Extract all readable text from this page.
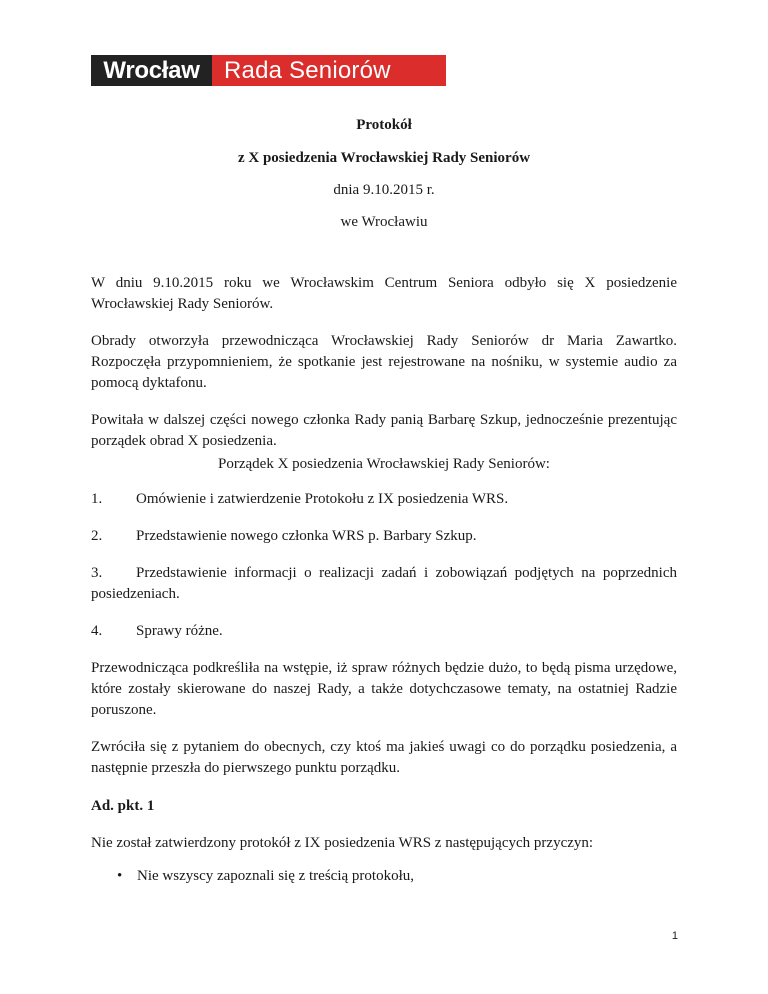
Wrocław	Rada Seniorów
Protokół
z X posiedzenia Wrocławskiej Rady Seniorów
dnia 9.10.2015 r.
we Wrocławiu

W dniu 9.10.2015 roku we Wrocławskim Centrum Seniora odbyło się X posiedzenie Wrocławskiej Rady Seniorów.

Obrady otworzyła przewodnicząca Wrocławskiej Rady Seniorów dr Maria Zawartko. Rozpoczęła przypomnieniem, że spotkanie jest rejestrowane na nośniku, w systemie audio za pomocą dyktafonu.

Powitała w dalszej części nowego członka Rady panią Barbarę Szkup, jednocześnie prezentując porządek obrad X posiedzenia.

Porządek X posiedzenia Wrocławskiej Rady Seniorów:
1. Omówienie i zatwierdzenie Protokołu z IX posiedzenia WRS.
2. Przedstawienie nowego członka WRS p. Barbary Szkup.
3.	Przedstawienie informacji o realizacji zadań i zobowiązań podjętych na poprzednich
posiedzeniach.
4. Sprawy różne.

Przewodnicząca podkreśliła na wstępie, iż spraw różnych będzie dużo, to będą pisma urzędowe, które zostały skierowane do naszej Rady, a także dotychczasowe tematy, na ostatniej Radzie poruszone.

Zwróciła się z pytaniem do obecnych, czy ktoś ma jakieś uwagi co do porządku posiedzenia, a następnie przeszła do pierwszego punktu porządku.

Ad. pkt. 1
Nie został zatwierdzony protokół z IX posiedzenia WRS z następujących przyczyn:
• Nie wszyscy zapoznali się z treścią protokołu,
1
